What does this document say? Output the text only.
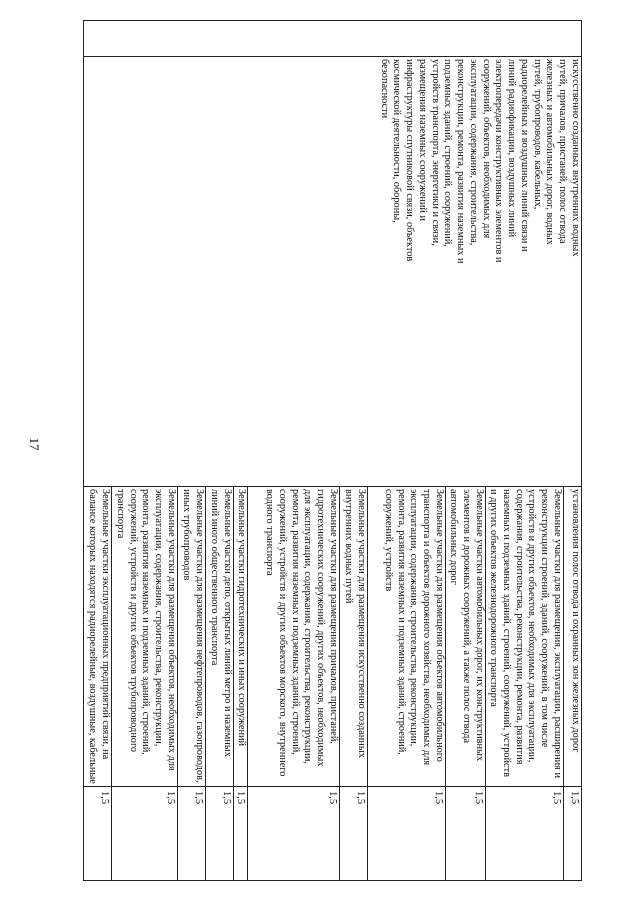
17

	искусственно созданных внутренних водных путей, причалов, пристаней, полос отвода железных и автомобильных дорог, водных путей, трубопроводов, кабельных, радиорелейных и воздушных линий связи и линий радиофикации, воздушных линий электропередачи конструктивных элементов и сооружений, объектов, необходимых для эксплуатации, содержания, строительства, реконструкции, ремонта, развития наземных и подземных зданий, строений, сооружений, устройств транспорта, энергетики и связи, размещения наземных сооружений и инфраструктуры спутниковой связи, объектов космической деятельности, обороны, безопасности	установления полос отвода и охранных зон железных дорог	1,5
		Земельные участки для размещения, эксплуатации, расширения и реконструкции строений, зданий, сооружений, в том числе устройств и других объектов, необходимых для эксплуатации, содержания, строительства, реконструкции, ремонта, развития наземных и подземных зданий, строений, сооружений, устройств и других объектов железнодорожного транспорта	1,5
		Земельные участки автомобильных дорог, их конструктивных элементов и дорожных сооружений, а также полос отвода автомобильных дорог	1,5
		Земельные участки для размещения объектов автомобильного транспорта и объектов дорожного хозяйства, необходимых для эксплуатации, содержания, строительства, реконструкции, ремонта, развития наземных и подземных зданий, строений, сооружений, устройств	1,5
		Земельные участки для размещения искусственно созданных внутренних водных путей	1,5
		Земельные участки для размещения причалов, пристаней, гидротехнических сооружений, других объектов, необходимых для эксплуатации, содержания, строительства, реконструкции, ремонта, развития наземных и подземных зданий, строений, сооружений, устройств и других объектов морского, внутреннего водного транспорта	1,5
		Земельные участки гидротехнических и иных сооружений	1,5
		Земельные участки депо, открытых линий метро и наземных линий иного общественного транспорта	1,5
		Земельные участки для размещения нефтепроводов, газопроводов, иных трубопроводов	1,5
		Земельные участки для размещения объектов, необходимых для эксплуатации, содержания, строительства, реконструкции, ремонта, развития наземных и подземных зданий, строений, сооружений, устройств и других объектов трубопроводного транспорта	1,5
		Земельные участки эксплуатационных предприятий связи, на балансе которых находятся радиорелейные, воздушные, кабельные	1,5
